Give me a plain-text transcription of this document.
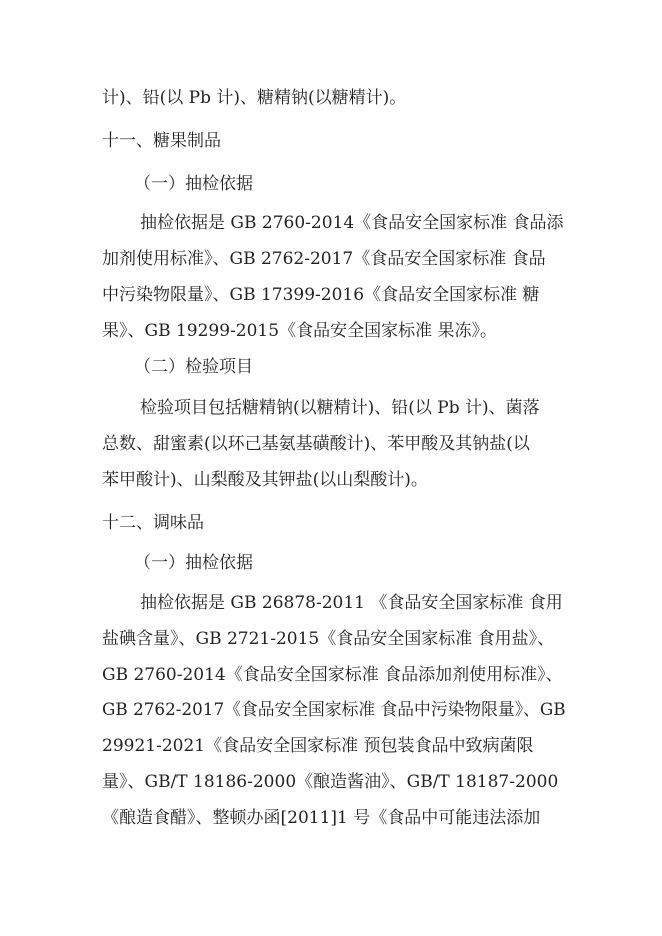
计)、铅(以 Pb 计)、糖精钠(以糖精计)。
十一、糖果制品
（一）抽检依据
抽检依据是 GB 2760-2014《食品安全国家标准 食品添
加剂使用标准》、GB 2762-2017《食品安全国家标准 食品
中污染物限量》、GB 17399-2016《食品安全国家标准 糖
果》、GB 19299-2015《食品安全国家标准 果冻》。
（二）检验项目
检验项目包括糖精钠(以糖精计)、铅(以 Pb 计)、菌落
总数、甜蜜素(以环己基氨基磺酸计)、苯甲酸及其钠盐(以
苯甲酸计)、山梨酸及其钾盐(以山梨酸计)。
十二、调味品
（一）抽检依据
抽检依据是 GB 26878-2011 《食品安全国家标准 食用
盐碘含量》、GB 2721-2015《食品安全国家标准 食用盐》、
GB 2760-2014《食品安全国家标准 食品添加剂使用标准》、
GB 2762-2017《食品安全国家标准 食品中污染物限量》、GB
29921-2021《食品安全国家标准 预包装食品中致病菌限
量》、GB/T 18186-2000《酿造酱油》、GB/T 18187-2000
《酿造食醋》、整顿办函[2011]1 号《食品中可能违法添加
